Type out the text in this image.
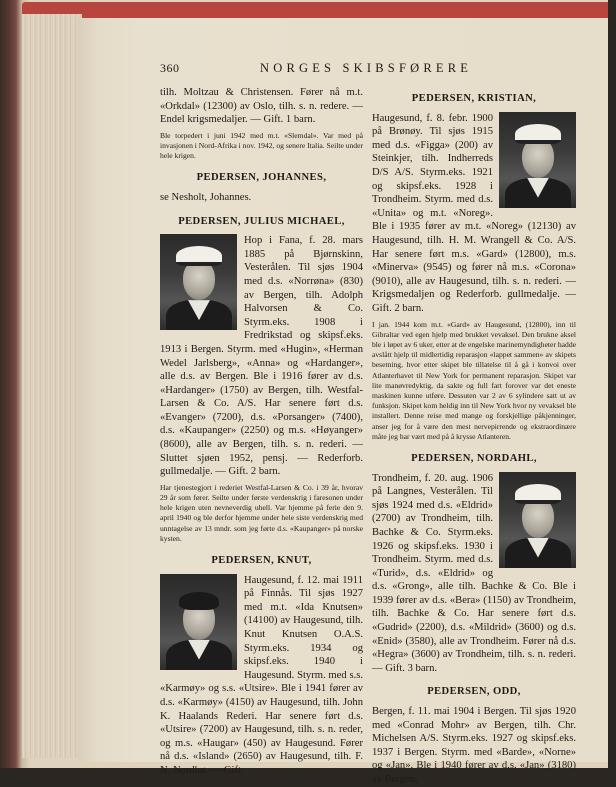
360	NORGES SKIBSFØRERE

tilh. Moltzau & Christensen. Fører nå m.t. «Orkdal» (12300) av Oslo, tilh. s. n. redere. — Endel krigsmedaljer. — Gift. 1 barn.

Ble torpedert i juni 1942 med m.t. «Slemdal». Var med på invasjonen i Nord-Afrika i nov. 1942, og senere Italia. Seilte under hele krigen.

PEDERSEN, JOHANNES,

se Nesholt, Johannes.

PEDERSEN, JULIUS MICHAEL,

Hop i Fana, f. 28. mars 1885 på Bjørnskinn, Vesterålen. Til sjøs 1904 med d.s. «Norrøna» (830) av Bergen, tilh. Adolph Halvorsen & Co. Styrm.eks. 1908 i Fredrikstad og skipsf.eks. 1913 i Bergen. Styrm. med «Hugin», «Herman Wedel Jarlsberg», «Anna» og «Hardanger», alle d.s. av Bergen. Ble i 1916 fører av d.s. «Hardanger» (1750) av Bergen, tilh. Westfal-Larsen & Co. A/S. Har senere ført d.s. «Evanger» (7200), d.s. «Porsanger» (7400), d.s. «Kaupanger» (2250) og m.s. «Høyanger» (8600), alle av Bergen, tilh. s. n. rederi. — Sluttet sjøen 1952, pensj. — Rederforb. gullmedalje. — Gift. 2 barn.

Har tjenestegjort i rederiet Westfal-Larsen & Co. i 39 år, hvorav 29 år som fører. Seilte under første verdenskrig i faresonen under hele krigen uten nevneverdig uhell. Var hjemme på ferie den 9. april 1940 og ble derfor hjemme under hele siste verdenskrig med unntagelse av 13 mndr. som jeg førte d.s. «Kaupanger» på norske kysten.

PEDERSEN, KNUT,

Haugesund, f. 12. mai 1911 på Finnås. Til sjøs 1927 med m.t. «Ida Knutsen» (14100) av Haugesund, tilh. Knut Knutsen O.A.S. Styrm.eks. 1934 og skipsf.eks. 1940 i Haugesund. Styrm. med s.s. «Karmøy» og s.s. «Utsire». Ble i 1941 fører av d.s. «Karmøy» (4150) av Haugesund, tilh. John K. Haalands Rederi. Har senere ført d.s. «Utsire» (7200) av Haugesund, tilh. s. n. reder, og m.s. «Haugar» (450) av Haugesund. Fører nå d.s. «Island» (2650) av Haugesund, tilh. F. N. Nordbø. — Gift.

PEDERSEN, KRISTIAN,

Haugesund, f. 8. febr. 1900 på Brønøy. Til sjøs 1915 med d.s. «Figga» (200) av Steinkjer, tilh. Indherreds D/S A/S. Styrm.eks. 1921 og skipsf.eks. 1928 i Trondheim. Styrm. med d.s. «Unita» og m.t. «Noreg». Ble i 1935 fører av m.t. «Noreg» (12130) av Haugesund, tilh. H. M. Wrangell & Co. A/S. Har senere ført m.s. «Gard» (12800), m.s. «Minerva» (9545) og fører nå m.s. «Corona» (9010), alle av Haugesund, tilh. s. n. rederi. — Krigsmedaljen og Rederforb. gullmedalje. — Gift. 2 barn.

I jan. 1944 kom m.t. «Gard» av Haugesund, (12800), inn til Gibraltar ved egen hjelp med brukket vevaksel. Den brukne aksel ble i løpet av 6 uker, etter at de engelske marinemyndigheter hadde avslått hjelp til midlertidig reparasjon «lappet sammen» av skipets besetning, hvor etter skipet ble tillatelse til å gå i konvoi over Atlanterhavet til New York for permanent reparasjon. Skipet var lite manøvredyktig, da sakte og full fart forover var det eneste maskinen kunne utføre. Dessuten var 2 av 6 sylindere satt ut av funksjon. Skipet kom heldig inn til New York hvor ny vevaksel ble installert. Denne reise med mange og forskjellige påkjenninger, anser jeg for å være den mest nervepirrende og ekstraordinære måte jeg har vært med på å krysse Atlanteren.

PEDERSEN, NORDAHL,

Trondheim, f. 20. aug. 1906 på Langnes, Vesterålen. Til sjøs 1924 med d.s. «Eldrid» (2700) av Trondheim, tilh. Bachke & Co. Styrm.eks. 1926 og skipsf.eks. 1930 i Trondheim. Styrm. med d.s. «Turid», d.s. «Eldrid» og d.s. «Grong», alle tilh. Bachke & Co. Ble i 1939 fører av d.s. «Bera» (1150) av Trondheim, tilh. Bachke & Co. Har senere ført d.s. «Gudrid» (2200), d.s. «Mildrid» (3600) og d.s. «Enid» (3580), alle av Trondheim. Fører nå d.s. «Hegra» (3600) av Trondheim, tilh. s. n. rederi. — Gift. 3 barn.

PEDERSEN, ODD,

Bergen, f. 11. mai 1904 i Bergen. Til sjøs 1920 med «Conrad Mohr» av Bergen, tilh. Chr. Michelsen A/S. Styrm.eks. 1927 og skipsf.eks. 1937 i Bergen. Styrm. med «Barde», «Norne» og «Jan». Ble i 1940 fører av d.s. «Jan» (3180) av Bergen,
